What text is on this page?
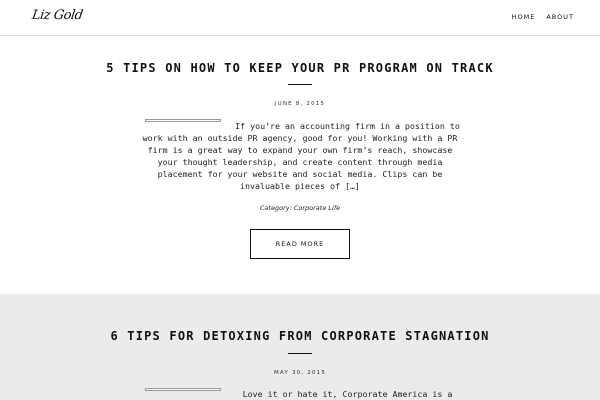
Liz Gold	HOME ABOUT
5 TIPS ON HOW TO KEEP YOUR PR PROGRAM ON TRACK
JUNE 8, 2015

If you’re an accounting firm in a position to work with an outside PR agency, good for you! Working with a PR firm is a great way to expand your own firm’s reach, showcase your thought leadership, and create content through media placement for your website and social media. Clips can be invaluable pieces of […]

Category: Corporate Life
READ MORE
6 TIPS FOR DETOXING FROM CORPORATE STAGNATION
MAY 30, 2015

Love it or hate it, Corporate America is a
